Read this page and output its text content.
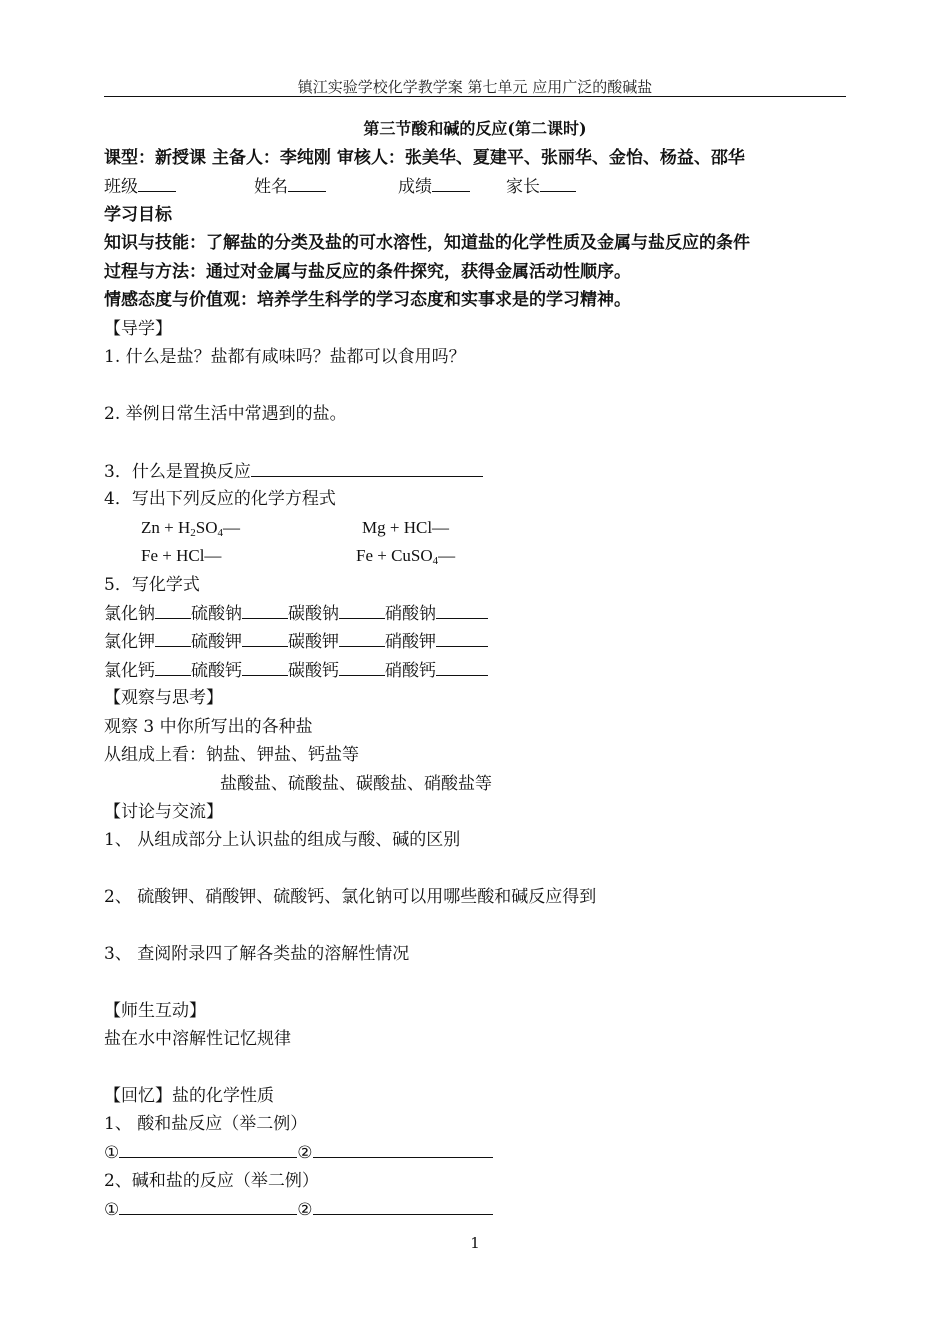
镇江实验学校化学教学案 第七单元 应用广泛的酸碱盐
第三节酸和碱的反应(第二课时)
课型：新授课 主备人：李纯刚 审核人：张美华、夏建平、张丽华、金怡、杨益、邵华
班级	姓名	成绩	家长
学习目标
知识与技能：了解盐的分类及盐的可水溶性，知道盐的化学性质及金属与盐反应的条件
过程与方法：通过对金属与盐反应的条件探究，获得金属活动性顺序。
情感态度与价值观：培养学生科学的学习态度和实事求是的学习精神。
【导学】
1. 什么是盐？盐都有咸味吗？盐都可以食用吗？
2. 举例日常生活中常遇到的盐。
3．什么是置换反应
4．写出下列反应的化学方程式
$Zn + H_2SO_4—$	Mg + HCl—
Fe + HCl—	Fe + CuSO$_4$—
5．写化学式
氯化钠 硫酸钠	碳酸钠	硝酸钠
氯化钾 硫酸钾	碳酸钾	硝酸钾
氯化钙 硫酸钙	碳酸钙	硝酸钙
【观察与思考】
观察 3 中你所写出的各种盐
从组成上看：钠盐、钾盐、钙盐等
盐酸盐、硫酸盐、碳酸盐、硝酸盐等
【讨论与交流】
1、 从组成部分上认识盐的组成与酸、碱的区别
2、 硫酸钾、硝酸钾、硫酸钙、氯化钠可以用哪些酸和碱反应得到
3、 查阅附录四了解各类盐的溶解性情况
【师生互动】
盐在水中溶解性记忆规律
【回忆】盐的化学性质
1、 酸和盐反应（举二例）
①	②
2、碱和盐的反应（举二例）
①	②
1
